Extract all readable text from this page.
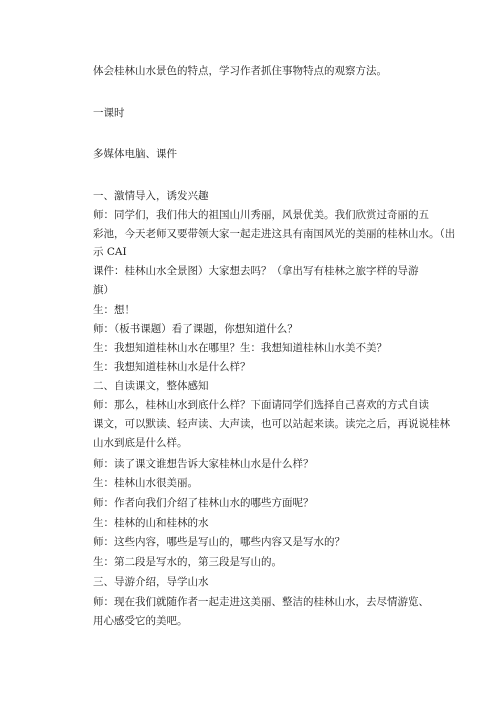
体会桂林山水景色的特点，学习作者抓住事物特点的观察方法。
一课时
多媒体电脑、课件
一、激情导入，诱发兴趣
师：同学们，我们伟大的祖国山川秀丽，风景优美。我们欣赏过奇丽的五
彩池，今天老师又要带领大家一起走进这具有南国风光的美丽的桂林山水。（出
示 CAI
课件：桂林山水全景图）大家想去吗？（拿出写有桂林之旅字样的导游
旗）
生：想！
师：（板书课题）看了课题，你想知道什么？
生：我想知道桂林山水在哪里？生：我想知道桂林山水美不美？
生：我想知道桂林山水是什么样？
二、自读课文，整体感知
师：那么，桂林山水到底什么样？下面请同学们选择自己喜欢的方式自读
课文，可以默读、轻声读、大声读，也可以站起来读。读完之后，再说说桂林
山水到底是什么样。
师：读了课文谁想告诉大家桂林山水是什么样？
生：桂林山水很美丽。
师：作者向我们介绍了桂林山水的哪些方面呢？
生：桂林的山和桂林的水
师：这些内容，哪些是写山的，哪些内容又是写水的？
生：第二段是写水的，第三段是写山的。
三、导游介绍，导学山水
师：现在我们就随作者一起走进这美丽、整洁的桂林山水，去尽情游览、
用心感受它的美吧。
